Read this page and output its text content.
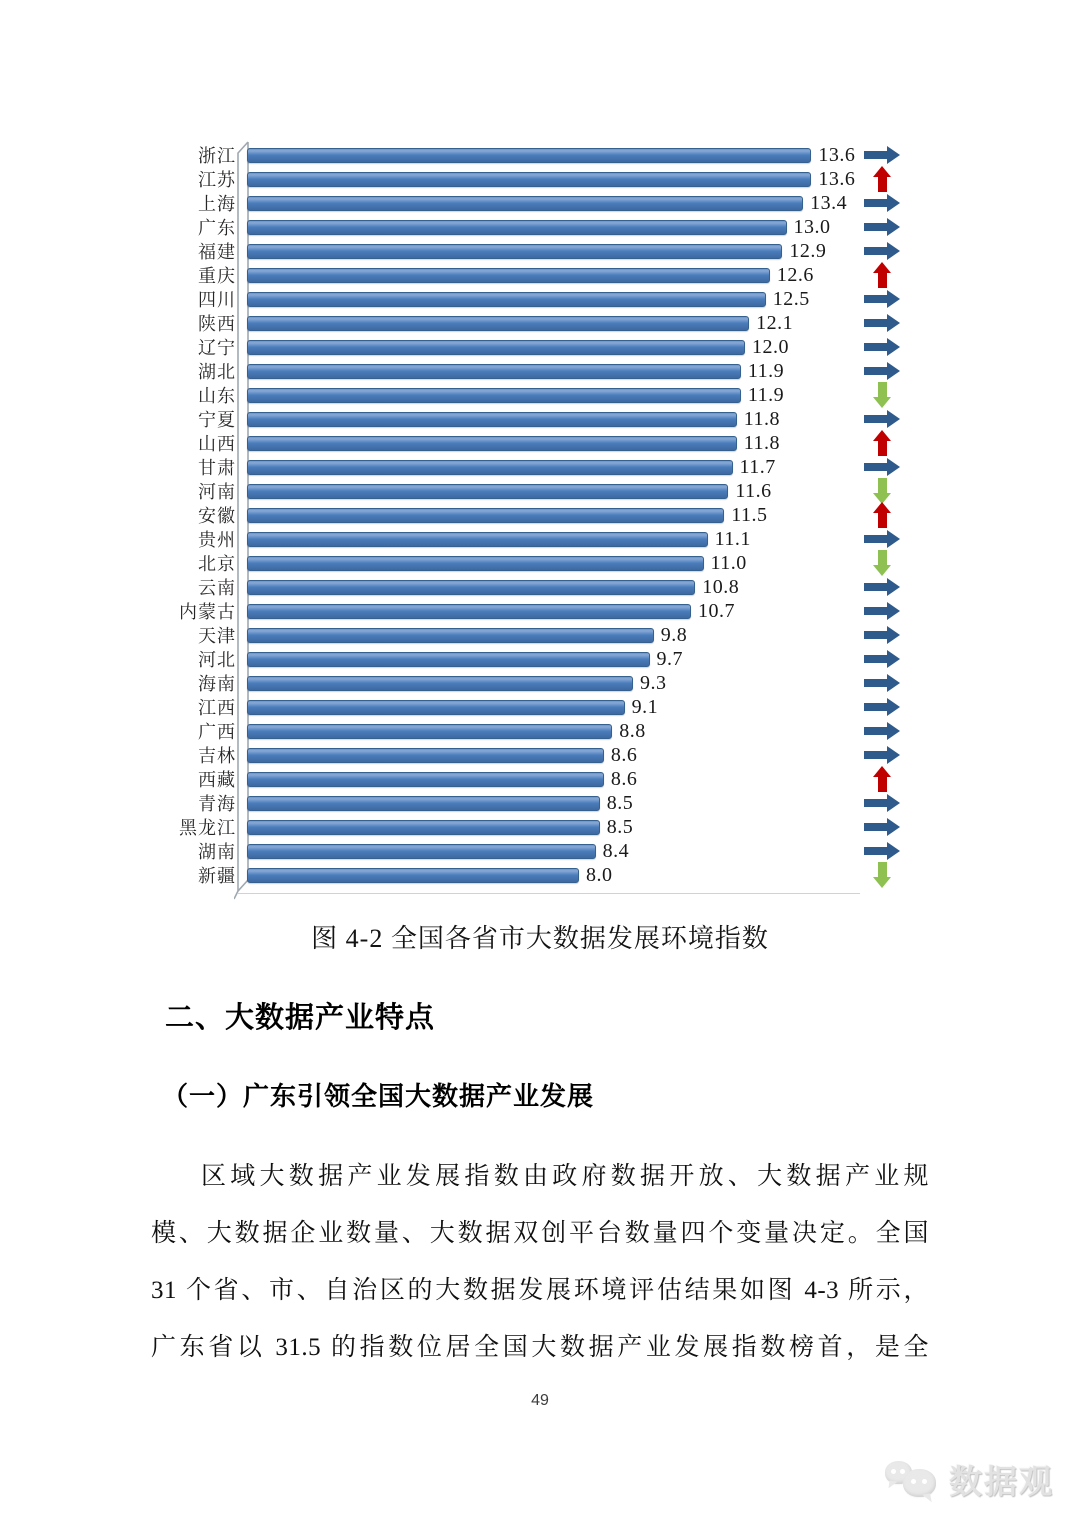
浙江	13.6
江苏	13.6
上海	13.4
广东	13.0
福建	12.9
重庆	12.6
四川	12.5
陕西	12.1
辽宁	12.0
湖北	11.9
山东	11.9
宁夏	11.8
山西	11.8
甘肃	11.7
河南	11.6
安徽	11.5
贵州	11.1
北京	11.0
云南	10.8
内蒙古	10.7
天津	9.8
河北	9.7
海南	9.3
江西	9.1
广西	8.8
吉林	8.6
西藏	8.6
青海	8.5
黑龙江	8.5
湖南	8.4
新疆	8.0
图 4-2 全国各省市大数据发展环境指数
二、大数据产业特点
（一）广东引领全国大数据产业发展
区域大数据产业发展指数由政府数据开放、大数据产业规
模、大数据企业数量、大数据双创平台数量四个变量决定。全国
31 个省、市、自治区的大数据发展环境评估结果如图 4-3 所示，
广东省以 31.5 的指数位居全国大数据产业发展指数榜首，是全
49
数据观
